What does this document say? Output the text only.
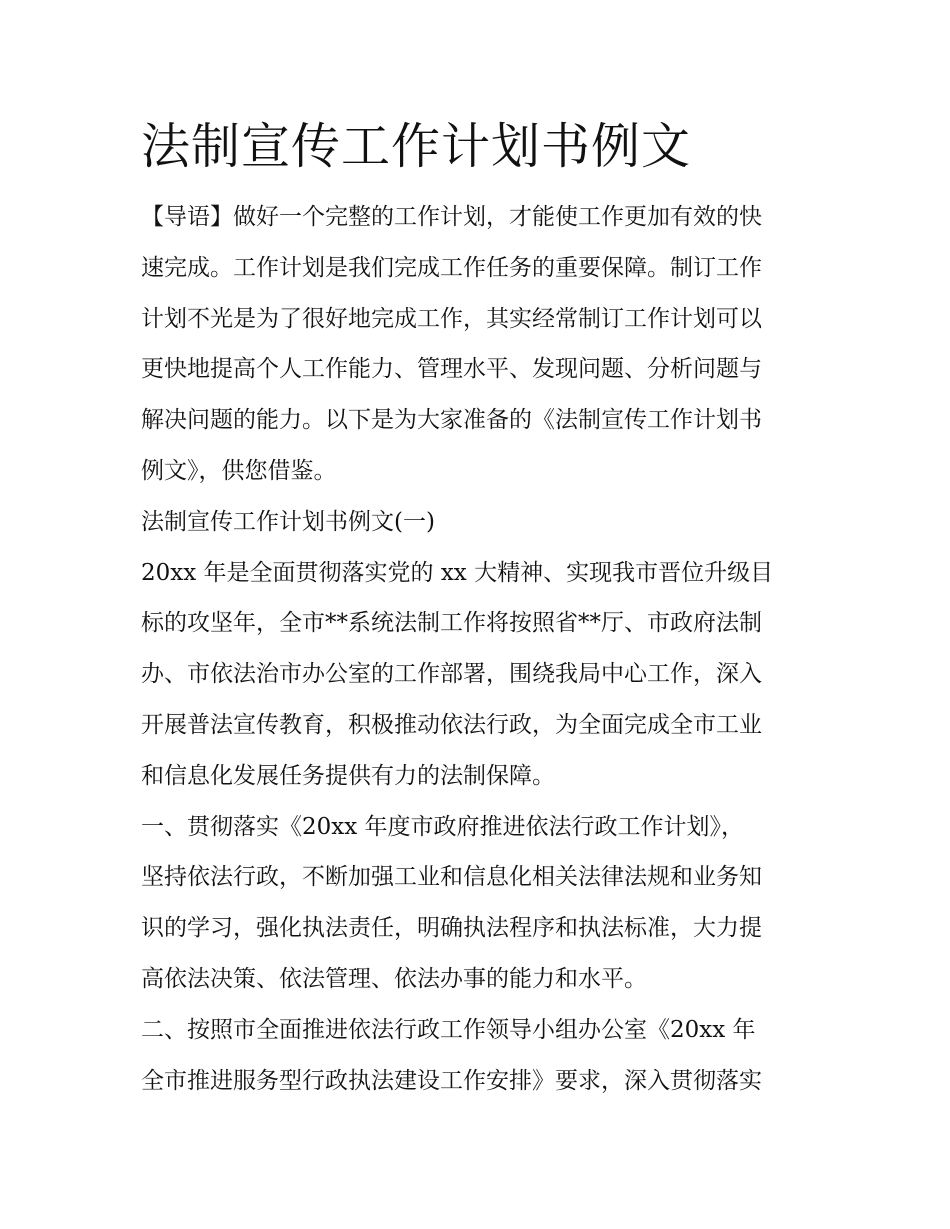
法制宣传工作计划书例文

【导语】做好一个完整的工作计划，才能使工作更加有效的快
速完成。工作计划是我们完成工作任务的重要保障。制订工作
计划不光是为了很好地完成工作，其实经常制订工作计划可以
更快地提高个人工作能力、管理水平、发现问题、分析问题与
解决问题的能力。以下是为大家准备的《法制宣传工作计划书
例文》，供您借鉴。

法制宣传工作计划书例文(一)

20xx 年是全面贯彻落实党的 xx 大精神、实现我市晋位升级目
标的攻坚年，全市**系统法制工作将按照省**厅、市政府法制
办、市依法治市办公室的工作部署，围绕我局中心工作，深入
开展普法宣传教育，积极推动依法行政，为全面完成全市工业
和信息化发展任务提供有力的法制保障。

一、贯彻落实《20xx 年度市政府推进依法行政工作计划》，
坚持依法行政，不断加强工业和信息化相关法律法规和业务知
识的学习，强化执法责任，明确执法程序和执法标准，大力提
高依法决策、依法管理、依法办事的能力和水平。

二、按照市全面推进依法行政工作领导小组办公室《20xx 年
全市推进服务型行政执法建设工作安排》要求，深入贯彻落实
